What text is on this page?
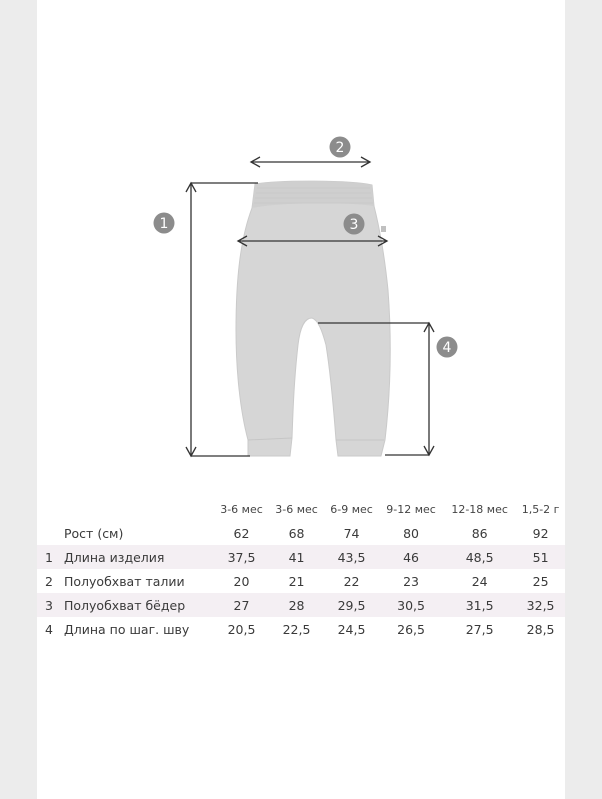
1
2
3
4
		3-6 мес	3-6 мес	6-9 мес	9-12 мес	12-18 мес	1,5-2 г
	Рост (см)	62	68	74	80	86	92
1	Длина изделия	37,5	41	43,5	46	48,5	51
2	Полуобхват талии	20	21	22	23	24	25
3	Полуобхват бёдер	27	28	29,5	30,5	31,5	32,5
4	Длина по шаг. шву	20,5	22,5	24,5	26,5	27,5	28,5
